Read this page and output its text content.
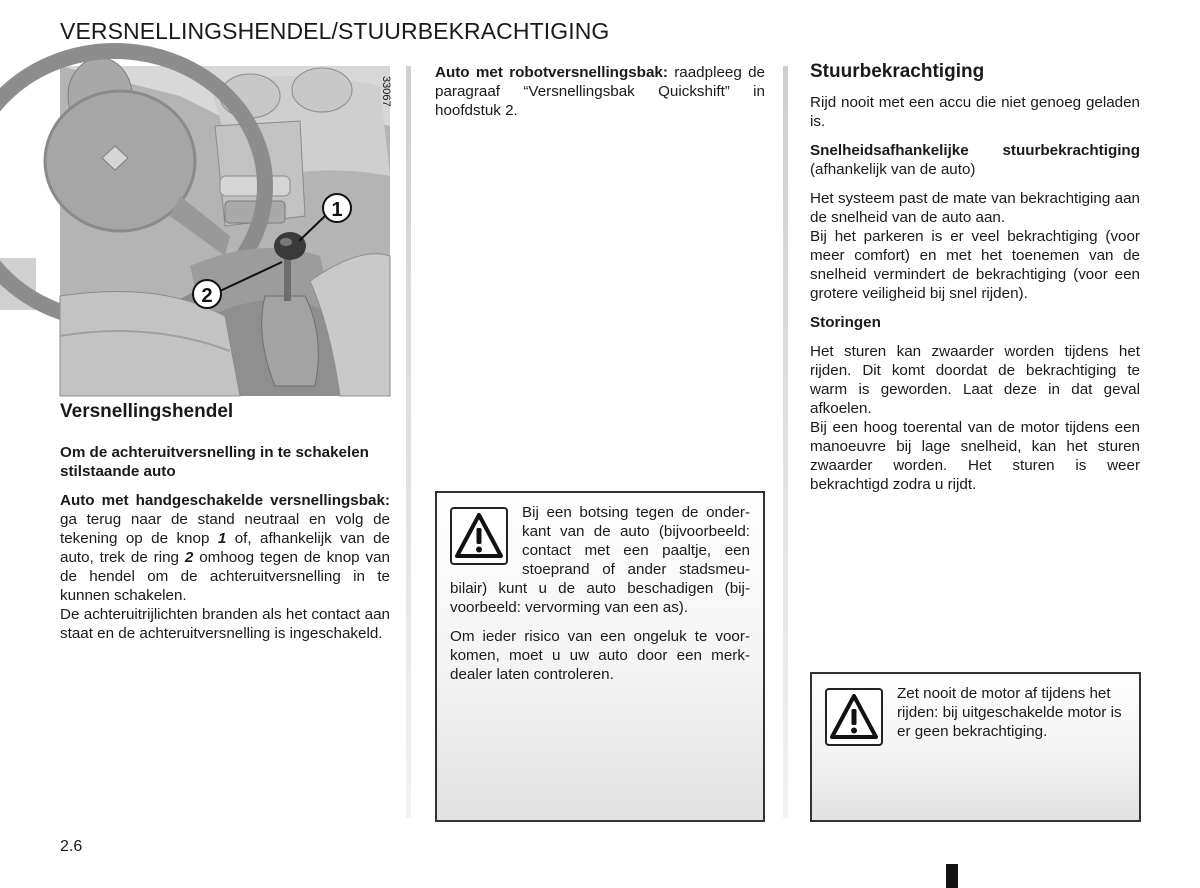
VERSNELLINGSHENDEL/STUURBEKRACHTIGING
1
2
33067
Versnellingshendel

Om de achteruitversnelling in te schakelen
stilstaande auto

Auto met handgeschakelde versnellingsbak: ga terug naar de stand neutraal en volg de tekening op de knop 1 of, afhankelijk van de auto, trek de ring 2 omhoog tegen de knop van de hendel om de achteruitversnelling in te kunnen schakelen.
De achteruitrijlichten branden als het contact aan staat en de achteruitversnelling is ingeschakeld.

Auto met robotversnellingsbak: raadpleeg de paragraaf “Versnellingsbak Quickshift” in hoofdstuk 2.

Bij een botsing tegen de onderkant van de auto (bijvoorbeeld: contact met een paaltje, een stoeprand of ander stadsmeubilair) kunt u de auto beschadigen (bijvoorbeeld: vervorming van een as).

Om ieder risico van een ongeluk te voorkomen, moet u uw auto door een merkdealer laten controleren.

Stuurbekrachtiging

Rijd nooit met een accu die niet genoeg geladen is.

Snelheidsafhankelijke stuurbekrachtiging (afhankelijk van de auto)

Het systeem past de mate van bekrachtiging aan de snelheid van de auto aan.
Bij het parkeren is er veel bekrachtiging (voor meer comfort) en met het toenemen van de snelheid vermindert de bekrachtiging (voor een grotere veiligheid bij snel rijden).

Storingen

Het sturen kan zwaarder worden tijdens het rijden. Dit komt doordat de bekrachtiging te warm is geworden. Laat deze in dat geval afkoelen.
Bij een hoog toerental van de motor tijdens een manoeuvre bij lage snelheid, kan het sturen zwaarder worden. Het sturen is weer bekrachtigd zodra u rijdt.

Zet nooit de motor af tijdens het rijden: bij uitgeschakelde motor is er geen bekrachtiging.

2.6
